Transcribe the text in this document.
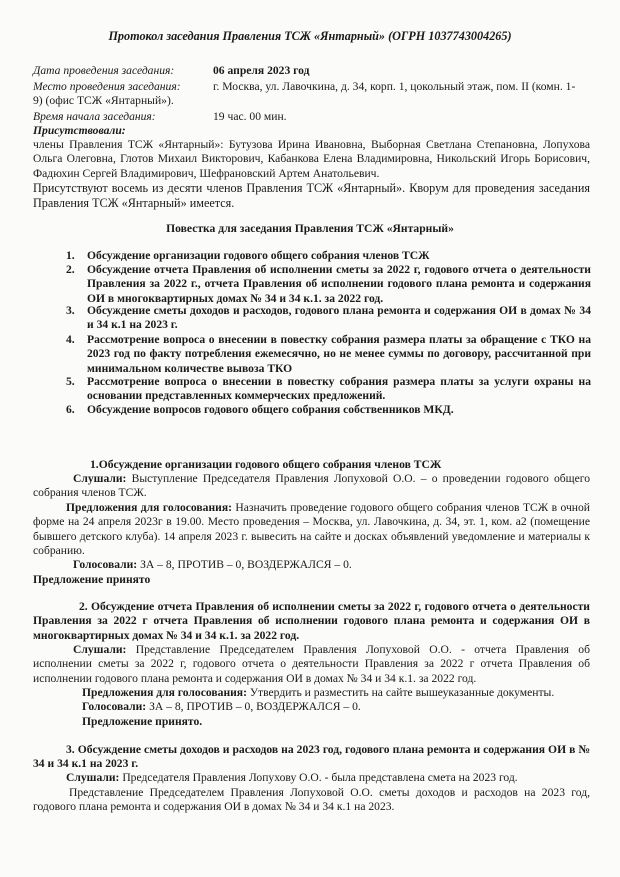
Протокол заседания Правления ТСЖ «Янтарный» (ОГРН 1037743004265)
Дата проведения заседания:	06 апреля 2023 год
Место проведения заседания:	г. Москва, ул. Лавочкина, д. 34, корп. 1, цокольный этаж, пом. II (комн. 1-
9) (офис ТСЖ «Янтарный»).
Время начала заседания:	19 час. 00 мин.
Присутствовали:
члены Правления ТСЖ «Янтарный»: Бутузова Ирина Ивановна, Выборная Светлана Степановна, Лопухова Ольга Олеговна, Глотов Михаил Викторович, Кабанкова Елена Владимировна, Никольский Игорь Борисович, Фадюхин Сергей Владимирович, Шефрановский Артем Анатольевич.
Присутствуют восемь из десяти членов Правления ТСЖ «Янтарный». Кворум для проведения заседания Правления ТСЖ «Янтарный» имеется.
Повестка для заседания Правления ТСЖ «Янтарный»
1.	Обсуждение организации годового общего собрания членов ТСЖ
2.	Обсуждение отчета Правления об исполнении сметы за 2022 г, годового отчета о деятельности Правления за 2022 г., отчета Правления об исполнении годового плана ремонта и содержания ОИ в многоквартирных домах № 34 и 34 к.1. за 2022 год.
3.	Обсуждение сметы доходов и расходов, годового плана ремонта и содержания ОИ в домах № 34 и 34 к.1 на 2023 г.
4.	Рассмотрение вопроса о внесении в повестку собрания размера платы за обращение с ТКО на 2023 год по факту потребления ежемесячно, но не менее суммы по договору, рассчитанной при минимальном количестве вывоза ТКО
5.	Рассмотрение вопроса о внесении в повестку собрания размера платы за услуги охраны на основании представленных коммерческих предложений.
6.	Обсуждение вопросов годового общего собрания собственников МКД.
1.Обсуждение организации годового общего собрания членов ТСЖ
Слушали: Выступление Председателя Правления Лопуховой О.О. – о проведении годового общего собрания членов ТСЖ.
Предложения для голосования: Назначить проведение годового общего собрания членов ТСЖ в очной форме на 24 апреля 2023г в 19.00. Место проведения – Москва, ул. Лавочкина, д. 34, эт. 1, ком. а2 (помещение бывшего детского клуба). 14 апреля 2023 г. вывесить на сайте и досках объявлений уведомление и материалы к собранию.
Голосовали: ЗА – 8, ПРОТИВ – 0, ВОЗДЕРЖАЛСЯ – 0.
Предложение принято
2. Обсуждение отчета Правления об исполнении сметы за 2022 г, годового отчета о деятельности Правления за 2022 г отчета Правления об исполнении годового плана ремонта и содержания ОИ в многоквартирных домах № 34 и 34 к.1. за 2022 год.
Слушали: Представление Председателем Правления Лопуховой О.О. - отчета Правления об исполнении сметы за 2022 г, годового отчета о деятельности Правления за 2022 г отчета Правления об исполнении годового плана ремонта и содержания ОИ в домах № 34 и 34 к.1. за 2022 год.
Предложения для голосования: Утвердить и разместить на сайте вышеуказанные документы.
Голосовали: ЗА – 8, ПРОТИВ – 0, ВОЗДЕРЖАЛСЯ – 0.
Предложение принято.
3. Обсуждение сметы доходов и расходов на 2023 год, годового плана ремонта и содержания ОИ в № 34 и 34 к.1 на 2023 г.
Слушали: Председателя Правления Лопухову О.О. - была представлена смета на 2023 год.
Представление Председателем Правления Лопуховой О.О. сметы доходов и расходов на 2023 год, годового плана ремонта и содержания ОИ в домах № 34 и 34 к.1 на 2023.
